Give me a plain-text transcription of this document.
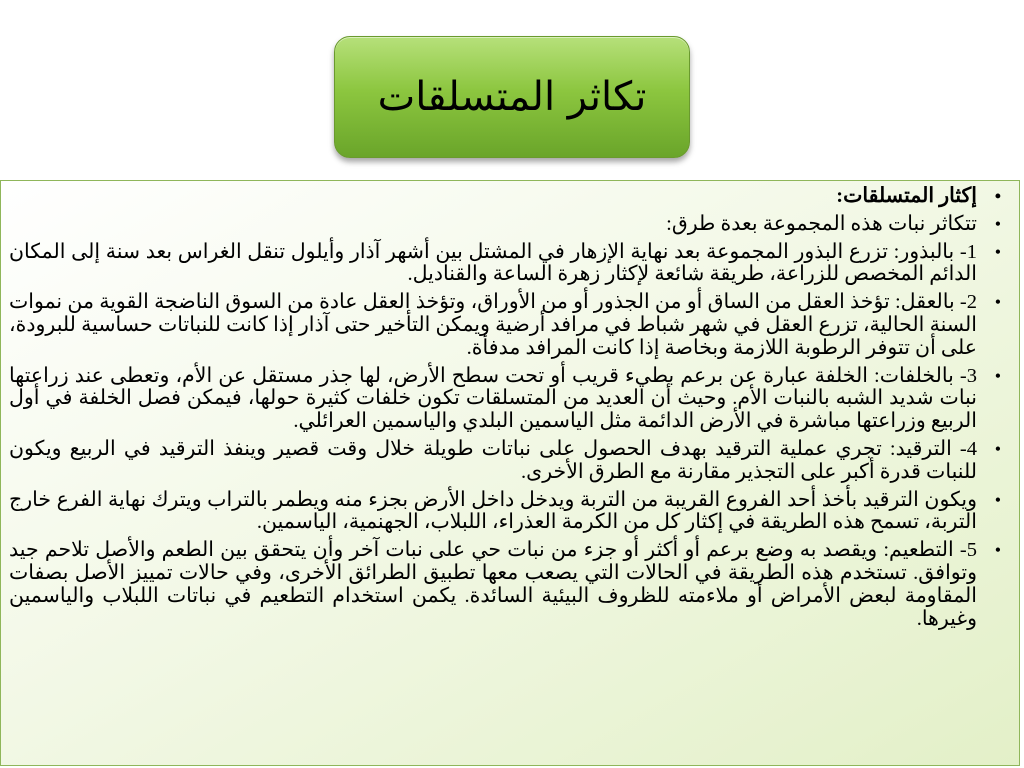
تكاثر المتسلقات
• إكثار المتسلقات:
• تتكاثر نبات هذه المجموعة بعدة طرق:
• 1- بالبذور: تزرع البذور المجموعة بعد نهاية الإزهار في المشتل بين أشهر آذار وأيلول تنقل الغراس بعد سنة إلى المكان الدائم المخصص للزراعة، طريقة شائعة لإكثار زهرة الساعة والقناديل.
• 2- بالعقل: تؤخذ العقل من الساق أو من الجذور أو من الأوراق، وتؤخذ العقل عادة من السوق الناضجة القوية من نموات السنة الحالية، تزرع العقل في شهر شباط في مرافد أرضية ويمكن التأخير حتى آذار إذا كانت للنباتات حساسية للبرودة، على أن تتوفر الرطوبة اللازمة وبخاصة إذا كانت المرافد مدفأة.
• 3- بالخلفات: الخلفة عبارة عن برعم بطيء قريب أو تحت سطح الأرض، لها جذر مستقل عن الأم، وتعطى عند زراعتها نبات شديد الشبه بالنبات الأم. وحيث أن العديد من المتسلقات تكون خلفات كثيرة حولها، فيمكن فصل الخلفة في أول الربيع وزراعتها مباشرة في الأرض الدائمة مثل الياسمين البلدي والياسمين العرائلي.
• 4- الترقيد: تجري عملية الترقيد بهدف الحصول على نباتات طويلة خلال وقت قصير وينفذ الترقيد في الربيع ويكون للنبات قدرة أكبر على التجذير مقارنة مع الطرق الأخرى.
• ويكون الترقيد بأخذ أحد الفروع القريبة من التربة ويدخل داخل الأرض بجزء منه ويطمر بالتراب ويترك نهاية الفرع خارج التربة، تسمح هذه الطريقة في إكثار كل من الكرمة العذراء، اللبلاب، الجهنمية، الياسمين.
• 5- التطعيم: ويقصد به وضع برعم أو أكثر أو جزء من نبات حي على نبات آخر وأن يتحقق بين الطعم والأصل تلاحم جيد وتوافق. تستخدم هذه الطريقة في الحالات التي يصعب معها تطبيق الطرائق الأخرى، وفي حالات تمييز الأصل بصفات المقاومة لبعض الأمراض أو ملاءمته للظروف البيئية السائدة. يكمن استخدام التطعيم في نباتات اللبلاب والياسمين وغيرها.
